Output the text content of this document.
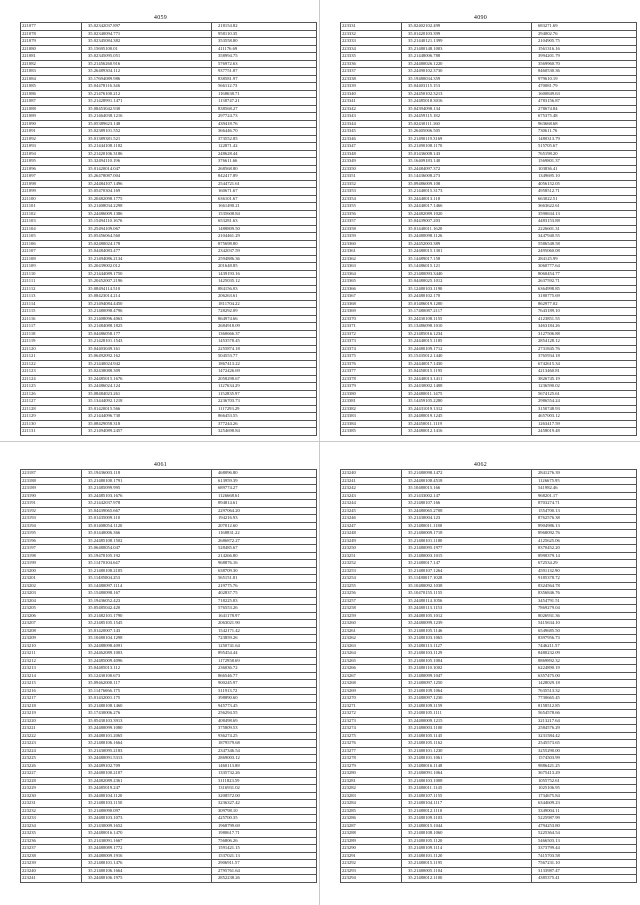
4059
221077	35.02342037.897	218154.82
221078	35.02340094.771	958110.35
221079	35.02345084.382	353558.80
221080	35.15695100.01	411176.69
221081	35.02345095.051	358994.75
221082	35.21456260.916	576972.63
221083	35.26489304.112	937751.87
221084	35.17694089.986	838581.97
221085	35.04478116.346	566112.73
221086	35.21476100.212	1168638.71
221087	35.21428991.1471	1138747.21
221088	35.08453042.930	838568.27
221089	35.21464038.1216	297724.73
221090	35.05389623.148	439418.76
221091	35.02389101.552	366446.70
221092	35.01389381.521	373552.85
221093	35.21444108.1182	122871.42
221094	35.21420106.3186	248628.44
221095	35.32494110.196	376611.66
221096	35.01420014.047	268568.80
221097	35.26478087.004	842417.89
221098	35.24484107.1496	2544721.61
221099	35.05470304.169	160671.67
221100	35.20482098.1775	636101.67
221101	35.21408034.2298	1661490.21
221102	35.24486009.1386	1535608.84
221103	35.15494110.1676	653281.63
221104	35.25494109.067	1488809.50
221105	35.05456064.560	2104461.29
221106	35.02480024.178	875698.80
221107	35.04484083.477	2342037.59
221108	35.21494086.2134	2594886.36
221109	35.20439002.012	201648.85
221110	35.21444089.1750	1439193.16
221111	35.20452007.2196	1425035.12
221112	35.08494114.510	884156.03
221113	35.08423014.214	206263.61
221114	35.21494084.4450	1811704.22
221115	35.21480098.4796	728292.09
221116	35.21408096.4063	864974.66
221117	35.21484088.1825	2684918.09
221118	35.04486058.177	1360666.37
221119	35.21428101.1543	1453578.45
221120	35.04403049.161	2255874.18
221121	35.06492092.162	504553.77
221122	35.21440024.942	1867413.22
221123	35.02438088.309	1472426.69
221124	35.24485015.1676	2058298.67
221125	35.24486024.124	1127634.29
221126	35.08484023.261	1152835.97
221127	35.13444092.1218	2236703.73
221128	35.01420015.566	1117293.29
221129	35.21444096.730	866453.55
221130	35.08429058.318	377244.26
221131	35.21494089.2457	3254698.84
4090
223331	35.02402102.499	683271.69
223332	35.01420103.399	294002.76
223333	35.21440121.1399	2104905.75
223334	35.21480148.1003	1561316.16
223335	35.21448006.788	3994201.79
223336	35.24480026.1220	3569960.70
223337	35.24490102.3730	8460530.36
223338	35.19480034.359	979610.19
223339	35.04403115.153	470081.79
223340	35.24450102.3213	1600849.63
223341	35.24485018.3016	4783156.87
223342	35.04394098.134	278674.84
223343	35.24459115.182	675375.48
223344	35.02430111.160	963668.68
223345	35.26405006.505	730611.76
223346	35.21490119.3169	1480313.79
223347	35.21490108.1170	515705.67
223348	35.01436008.143	765198.20
223349	35.16409183.140	1569801.37
223350	35.24484097.372	103836.41
223351	35.14436008.273	1349695.10
223352	35.09486009.108	4056152.05
223353	35.21440015.3173	4958512.71
223354	35.24440013.118	663022.51
223355	35.24440017.1466	3663622.61
223356	35.24482089.1020	3590634.13
223357	35.04439007.203	4483153.88
223358	35.01440011.1620	2226601.31
223359	35.24480098.1126	3447940.55
223360	35.24452003.389	5586548.58
223361	35.24480015.1301	2495060.08
223362	35.14489017.158	284125.99
223363	35.14486015.121	3060777.64
223364	35.21480093.3440	8060454.77
223365	35.04480025.1012	2637592.71
223366	35.12480103.1190	6364998.85
223367	35.24480102.170	3180775.69
223368	35.01486019.1200	862977.02
223369	35.17480087.2117	7643189.10
223370	35.24430108.1155	4123851.55
223371	35.13486098.1010	3463184.26
223372	35.21485016.1234	3127506.88
223373	35.24440015.1185	2854128.12
223374	35.24480109.1712	2731845.76
223375	35.15435012.1440	3765934.18
223376	35.24440017.1430	6742615.34
223377	35.04450015.1195	4213460.81
223378	35.24440013.1411	3826745.19
223379	35.24430002.1408	1236590.02
223380	35.24480011.1475	5674125.61
223381	35.14459105.2280	2986554.24
223382	35.24431019.1312	3150748.93
223383	35.24480019.1245	4657003.12
223384	35.24450011.1119	1263417.59
223385	35.24480012.1416	2458019.48
4061
223187	35.19436003.118	468096.80
223188	35.21480100.1791	613959.39
223189	35.21485099.995	689774.27
223190	35.24485103.1676	1126668.61
223191	35.21442037.978	894814.61
223192	35.04439065.667	2297064.20
223193	35.01435009.110	194216.93
223194	35.01408054.1120	207012.60
223195	35.01440006.366	1168831.22
223196	35.24485108.1502	2686872.27
223197	35.06480054.047	528485.67
223198	35.19470105.192	214266.80
223199	35.11470104.647	968876.16
223200	35.21480108.2105	638709.30
223201	35.11485004.253	565151.81
223202	35.14480097.1114	219775.76
223203	35.15480098.167	402837.75
223204	35.19436052.423	718225.83
223205	35.05485042.420	576553.26
223206	35.21482101.1790	1641178.97
223207	35.21485105.1545	2063021.90
223208	35.01420007.143	1542171.42
223209	35.10480104.1298	723859.26
223210	35.24488098.4091	1250741.64
223211	35.24462089.1003	895454.44
223212	35.24485009.4096	1172958.69
223213	35.04485013.112	236036.72
223214	35.12430100.673	866546.77
223215	35.09462000.117	900245.97
223216	35.11476066.175	311913.72
223217	35.01432001.175	398890.60
223218	35.21480108.1460	945773.45
223219	35.17430006.276	256294.55
223220	35.05430103.3913	408498.69
223221	35.24480099.1080	375809.53
223222	35.24480101.2065	936274.25
223223	35.21480106.1664	1879579.68
223224	35.21430095.2183	2347346.54
223225	35.24480091.5313	2869003.12
223226	35.24489102.709	1460113.88
223227	35.24480100.2107	1335732.26
223228	35.24482089.2361	3111823.59
223229	35.24485019.247	1316931.02
223230	35.24480104.1120	3208572.00
223231	35.21480103.1150	3236327.42
223232	35.21480090.097	309798.10
223233	35.24480103.1073	425700.35
223234	35.21430009.1652	1968799.69
223235	35.24480016.1470	1980617.71
223236	35.21430091.1667	756806.26
223237	35.24480089.1772	1591421.15
223238	35.24480009.1916	1537021.13
223239	35.21480101.1476	2906911.57
223240	35.21480106.1664	2795761.64
223241	35.24480106.1975	2852238.26
4062
223240	35.21480098.1472	2841276.39
223241	35.24480108.4518	1126675.95
223242	35.10480015.166	541982.46
223243	35.21433002.147	968201.17
223244	35.21480107.166	8703274.71
223245	35.24480065.2708	1554700.13
223246	35.21430004.123	8762576.38
223247	35.21480011.1180	8904986.13
223248	35.21480009.1718	8968092.76
223249	35.21480101.1180	4125625.06
223250	35.21480095.1977	8370452.20
223251	35.21480003.1015	8990379.14
223252	35.21480017.147	672534.29
223253	35.21480107.1264	4591132.90
223254	35.11480017.1028	9185378.72
223255	35.10480092.1038	8324564.78
223256	35.10470155.1155	8356846.76
223257	35.24480114.1056	3454791.51
223258	35.24480113.1153	7869279.04
223259	35.24480105.1012	8026931.36
223260	35.24480099.1239	5415634.10
223261	35.21480105.1146	6549685.50
223262	35.21480103.1065	8397956.73
223263	35.21480113.1127	7446211.57
223264	35.21480103.1129	8480232.09
223265	35.21480105.1004	8869892.32
223266	35.21480110.1002	6224890.19
223267	35.21480099.1047	6357475.00
223268	35.21480097.1250	1428029.18
223269	35.21480109.1064	7635513.32
223270	35.21480097.1230	7730665.45
223271	35.21480109.1159	8158512.85
223272	35.21480105.1111	5654578.66
223273	35.24480009.1215	3213217.64
223274	35.21480003.1100	2584576.29
223275	35.21480105.1145	3231584.42
223276	35.21480105.1162	2545573.65
223277	35.21480101.1230	3255290.00
223278	35.21480101.1061	1574503.99
223279	35.21480016.1148	9886421.25
223280	35.21480091.1064	3675413.29
223281	35.21480103.1008	1055752.61
223282	35.21480011.1145	1025106.95
223283	35.21480107.1155	1734675.84
223284	35.21480104.1117	6344609.23
223285	35.21480012.1110	3349004.11
223286	35.21480109.1103	5225987.99
223287	35.21480015.1044	4794253.80
223288	35.21480108.1060	5225364.54
223289	35.21480105.1120	5466503.13
223290	35.21480109.1114	3373799.44
223291	35.21480101.1120	7415703.58
223292	35.21480015.1195	7567231.10
223293	35.21480005.1104	3133987.47
223294	35.21480012.1100	4385375.41
